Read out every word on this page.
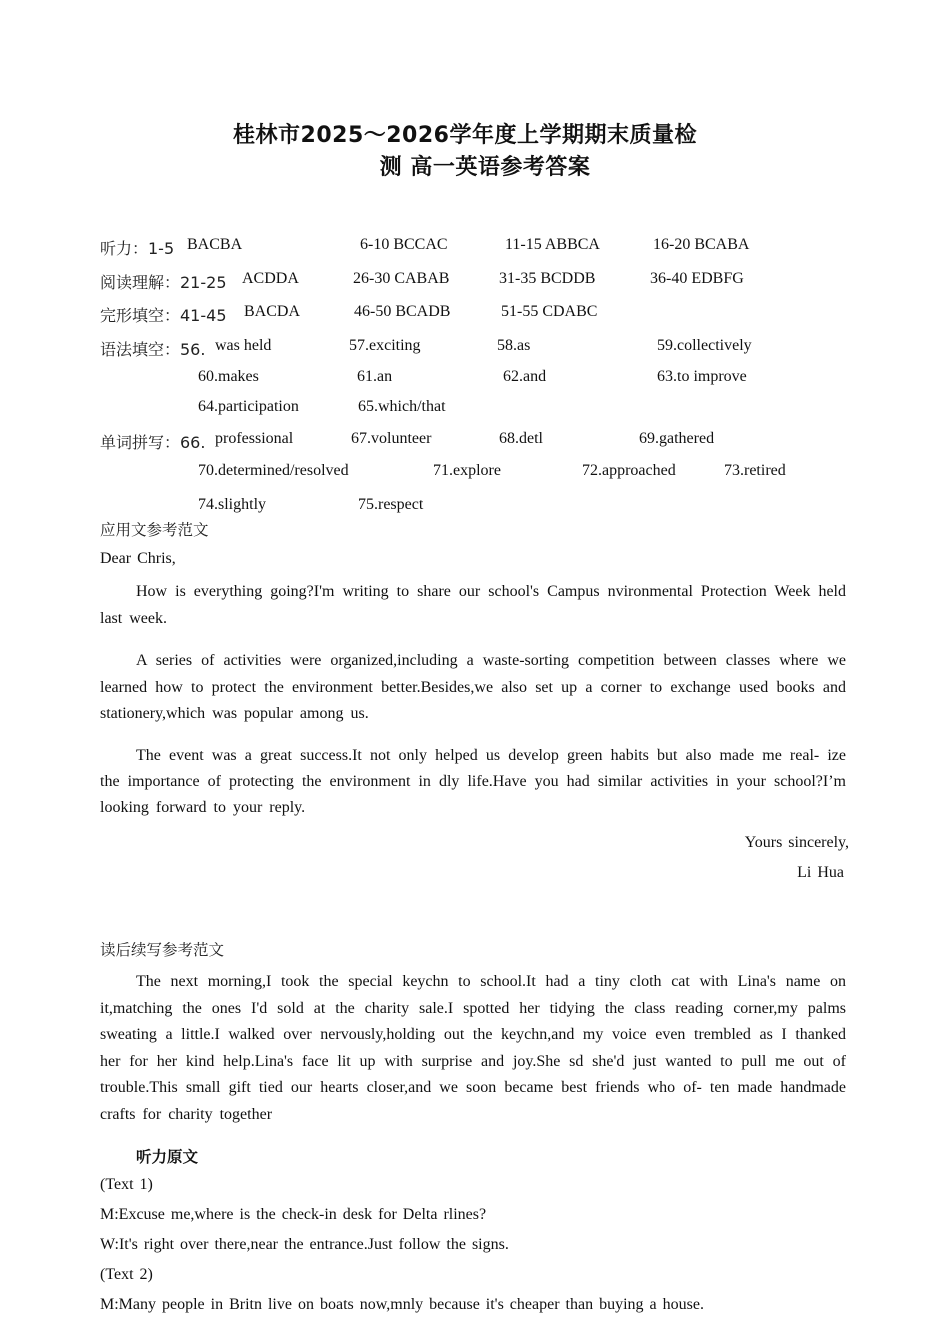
桂林市2025～2026学年度上学期期末质量检
测 高一英语参考答案
听力：1-5 BACBA	6-10 BCCAC	11-15 ABBCA	16-20 BCABA
阅读理解：21-25 ACDDA	26-30 CABAB	31-35 BCDDB	36-40 EDBFG
完形填空：41-45 BACDA	46-50 BCADB	51-55 CDABC
语法填空：56. was held	57.exciting	58.as	59.collectively
60.makes	61.an	62.and	63.to improve
64.participation	65.which/that
单词拼写：66. professional	67.volunteer	68.detl	69.gathered
70.determined/resolved	71.explore	72.approached	73.retired
74.slightly	75.respect
应用文参考范文
Dear Chris,
How is everything going?I'm writing to share our school's Campus nvironmental Protection Week held last week.
A series of activities were organized,including a waste-sorting competition between classes where we learned how to protect the environment better.Besides,we also set up a corner to exchange used books and stationery,which was popular among us.
The event was a great success.It not only helped us develop green habits but also made me real- ize the importance of protecting the environment in dly life.Have you had similar activities in your school?I’m looking forward to your reply.
Yours sincerely,
Li Hua
读后续写参考范文
The next morning,I took the special keychn to school.It had a tiny cloth cat with Lina's name on it,matching the ones I'd sold at the charity sale.I spotted her tidying the class reading corner,my palms sweating a little.I walked over nervously,holding out the keychn,and my voice even trembled as I thanked her for her kind help.Lina's face lit up with surprise and joy.She sd she'd just wanted to pull me out of trouble.This small gift tied our hearts closer,and we soon became best friends who of- ten made handmade crafts for charity together
听力原文
(Text 1)
M:Excuse me,where is the check-in desk for Delta rlines?
W:It's right over there,near the entrance.Just follow the signs.
(Text 2)
M:Many people in Britn live on boats now,mnly because it's cheaper than buying a house.
